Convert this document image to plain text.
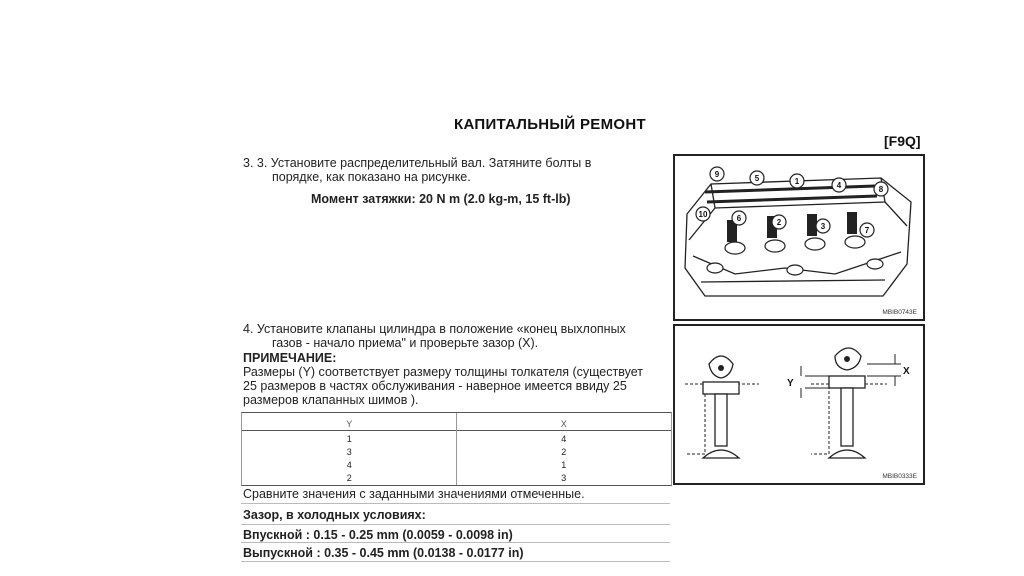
КАПИТАЛЬНЫЙ РЕМОНТ
[F9Q]
3. 3. Установите распределительный вал. Затяните болты в
порядке, как показано на рисунке.
Момент затяжки: 20 N m (2.0 kg-m, 15 ft-lb)
9	5	1	4	8
10	6	2	3	7
MBIB0743E
4. Установите клапаны цилиндра в положение «конец выхлопных
газов - начало приема" и проверьте зазор (X).
ПРИМЕЧАНИЕ:
Размеры (Y) соответствует размеру толщины толкателя (существует
25 размеров в частях обслуживания - наверное имеется ввиду 25
размеров клапанных шимов ).
Y	X
1	4
3	2
4	1
2	3
Сравните значения с заданными значениями отмеченные.
Зазор, в холодных условиях:
Впускной : 0.15 - 0.25 mm (0.0059 - 0.0098 in)
Выпускной : 0.35 - 0.45 mm (0.0138 - 0.0177 in)
X
Y
MBIB0333E
